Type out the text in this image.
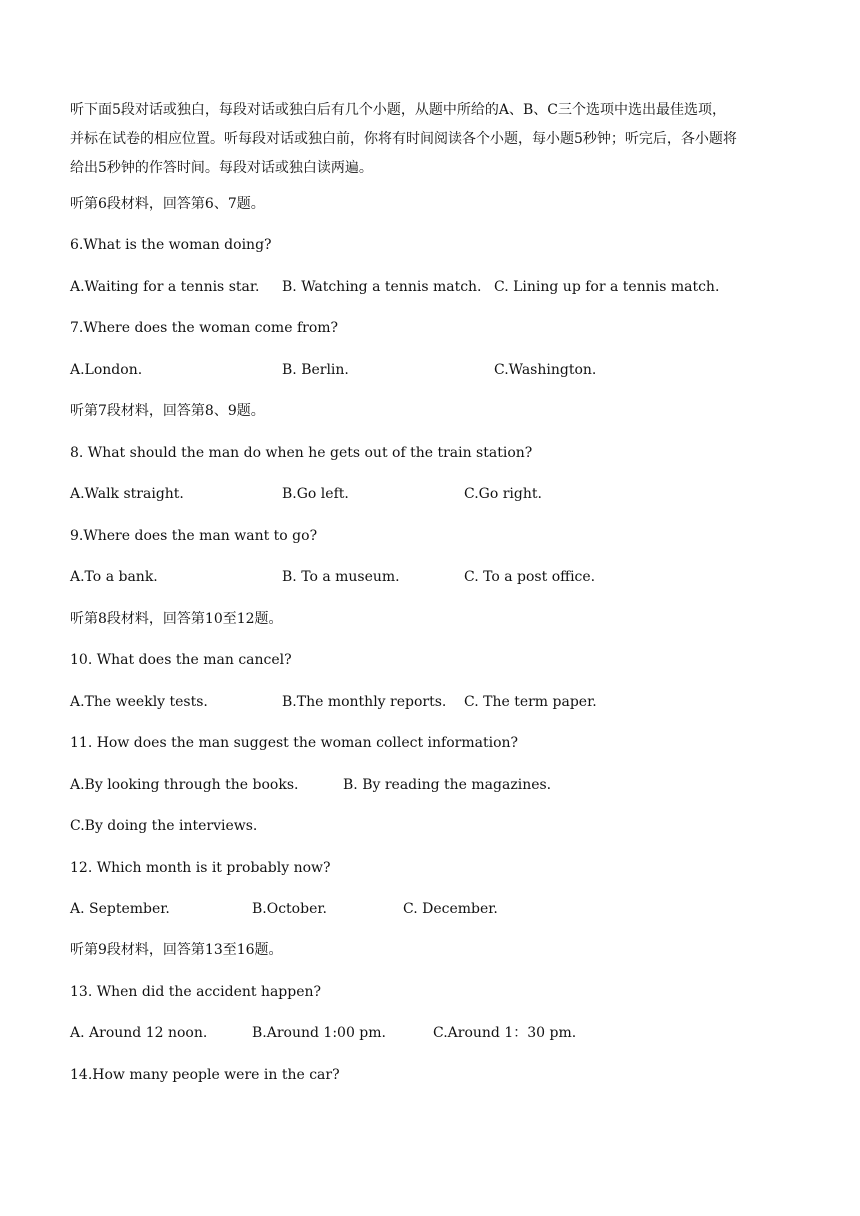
听下面5段对话或独白，每段对话或独白后有几个小题，从题中所给的A、B、C三个选项中选出最佳选项，
并标在试卷的相应位置。听每段对话或独白前，你将有时间阅读各个小题，每小题5秒钟；听完后，各小题将
给出5秒钟的作答时间。每段对话或独白读两遍。
听第6段材料，回答第6、7题。
6.What is the woman doing?
A.Waiting for a tennis star. B. Watching a tennis match. C. Lining up for a tennis match.
7.Where does the woman come from?
A.London.	B. Berlin.	C.Washington.
听第7段材料，回答第8、9题。
8. What should the man do when he gets out of the train station?
A.Walk straight.	B.Go left.	C.Go right.
9.Where does the man want to go?
A.To a bank.	B. To a museum.	C. To a post office.
听第8段材料，回答第10至12题。
10. What does the man cancel?
A.The weekly tests.	B.The monthly reports. C. The term paper.
11. How does the man suggest the woman collect information?
A.By looking through the books.	B. By reading the magazines.
C.By doing the interviews.
12. Which month is it probably now?
A. September.	B.October.	C. December.
听第9段材料，回答第13至16题。
13. When did the accident happen?
A. Around 12 noon.	B.Around 1:00 pm.	C.Around 1：30 pm.
14.How many people were in the car?
